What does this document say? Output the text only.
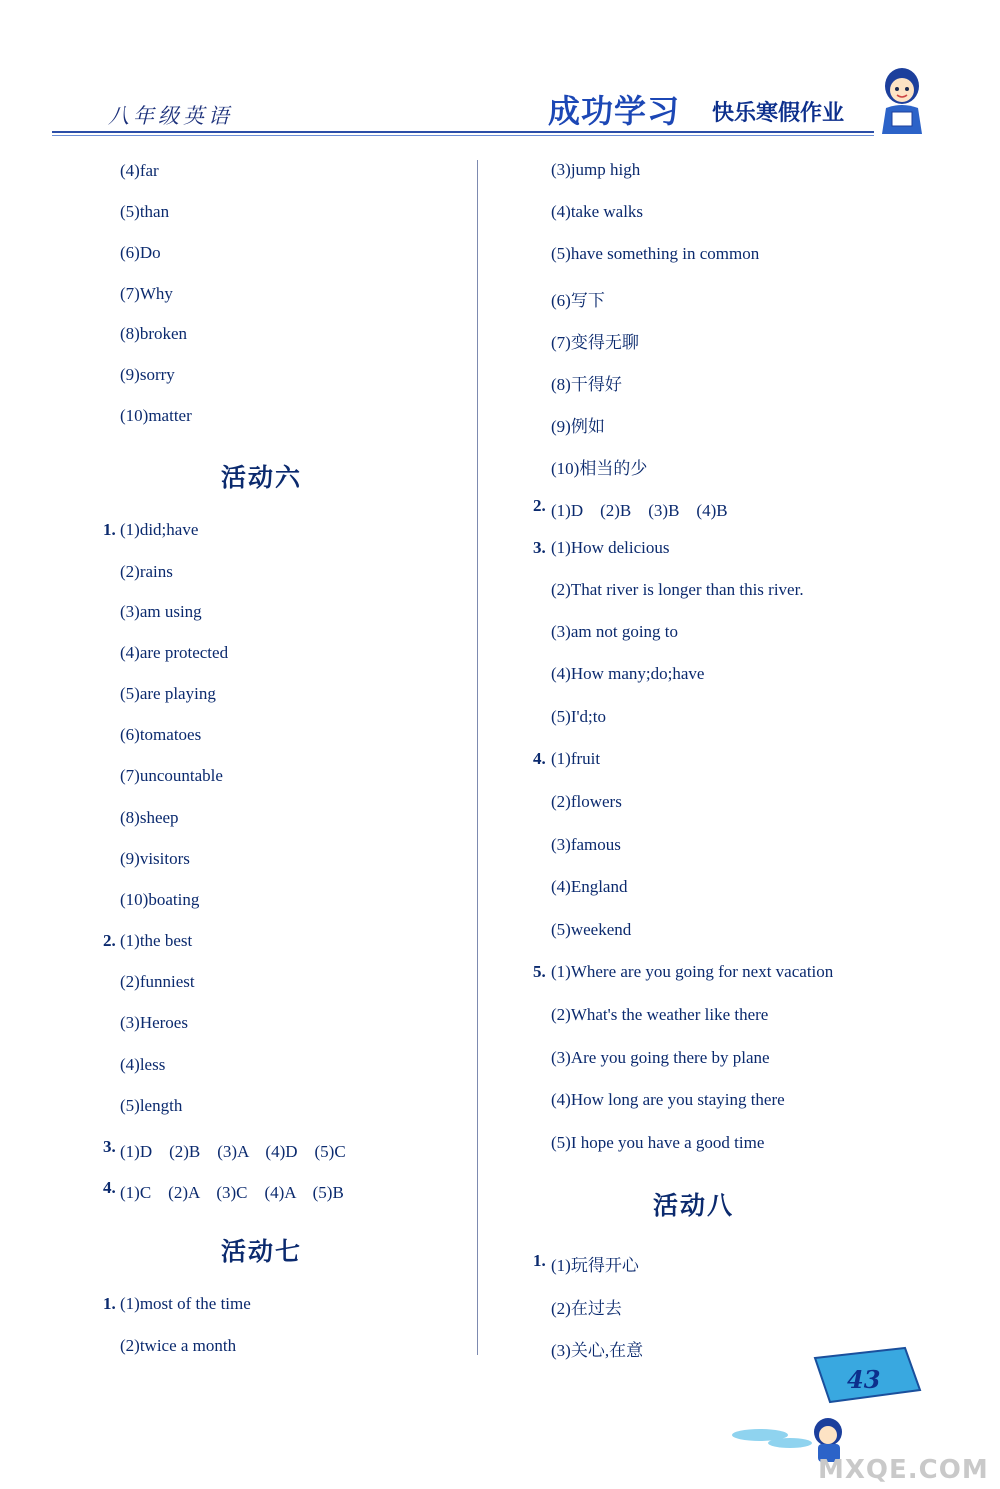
八年级英语	成功学习 快乐寒假作业
(4)far
(5)than
(6)Do
(7)Why
(8)broken
(9)sorry
(10)matter
活动六
1. (1)did;have
(2)rains
(3)am using
(4)are protected
(5)are playing
(6)tomatoes
(7)uncountable
(8)sheep
(9)visitors
(10)boating
2. (1)the best
(2)funniest
(3)Heroes
(4)less
(5)length
3. (1)D　(2)B　(3)A　(4)D　(5)C
4. (1)C　(2)A　(3)C　(4)A　(5)B
活动七
1. (1)most of the time
(2)twice a month
(3)jump high
(4)take walks
(5)have something in common
(6)写下
(7)变得无聊
(8)干得好
(9)例如
(10)相当的少
2. (1)D　(2)B　(3)B　(4)B
3. (1)How delicious
(2)That river is longer than this river.
(3)am not going to
(4)How many;do;have
(5)I'd;to
4. (1)fruit
(2)flowers
(3)famous
(4)England
(5)weekend
5. (1)Where are you going for next vacation
(2)What's the weather like there
(3)Are you going there by plane
(4)How long are you staying there
(5)I hope you have a good time
活动八
1. (1)玩得开心
(2)在过去
(3)关心,在意
43
MXQE.COM
